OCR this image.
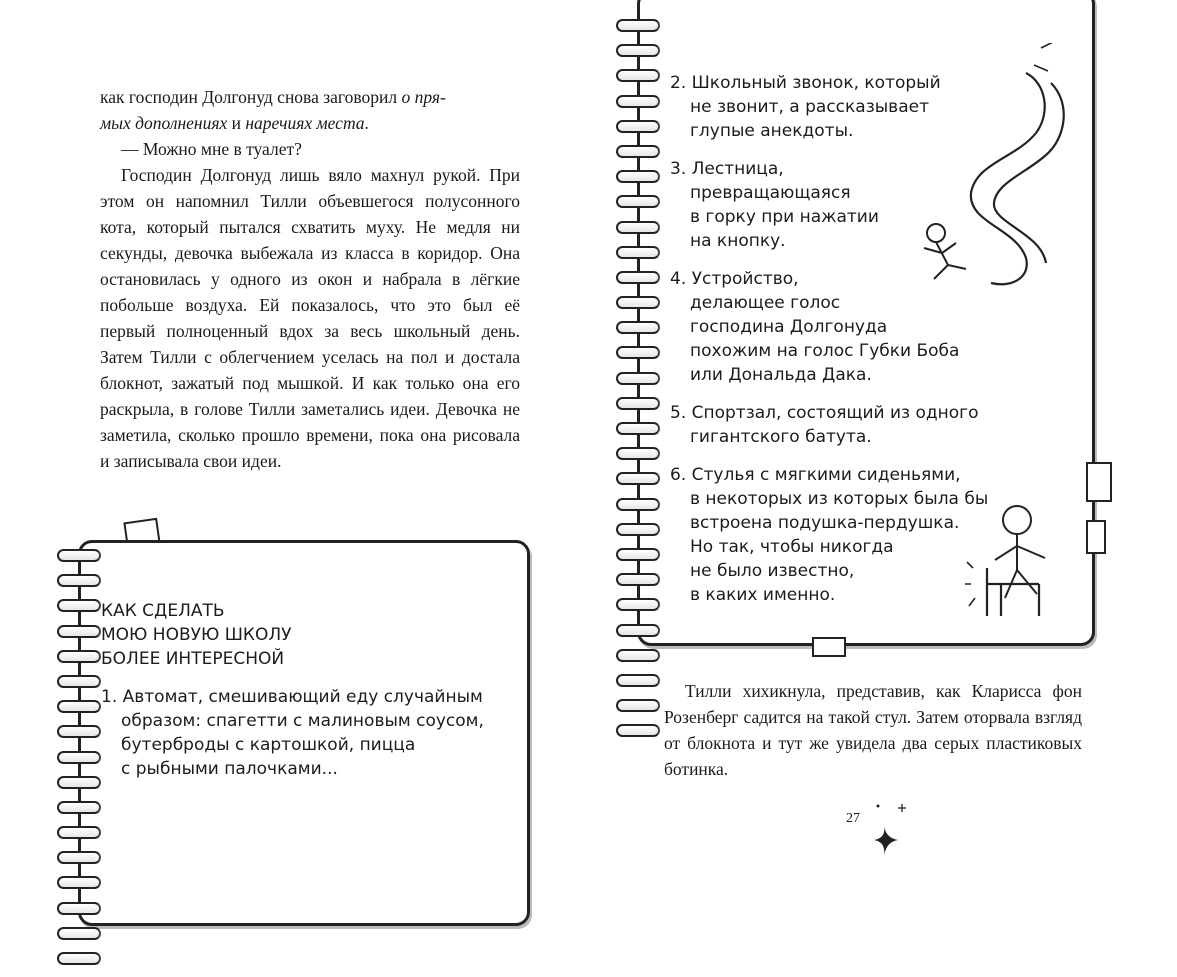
как господин Долгонуд снова заговорил о пря-
мых дополнениях и наречиях места.

— Можно мне в туалет?

Господин Долгонуд лишь вяло махнул рукой. При этом он напомнил Тилли объевшегося полусонного кота, который пытался схватить муху. Не медля ни секунды, девочка выбежала из класса в коридор. Она остановилась у одного из окон и набрала в лёгкие побольше воздуха. Ей показалось, что это был её первый полноценный вдох за весь школьный день. Затем Тилли с облегчением уселась на пол и достала блокнот, зажатый под мышкой. И как только она его раскрыла, в голове Тилли заметались идеи. Девочка не заметила, сколько прошло времени, пока она рисовала и записывала свои идеи.

КАК СДЕЛАТЬ
МОЮ НОВУЮ ШКОЛУ
БОЛЕЕ ИНТЕРЕСНОЙ
1. Автомат, смешивающий еду случайным
образом: спагетти с малиновым соусом,
бутерброды с картошкой, пицца
с рыбными палочками...
2. Школьный звонок, который
не звонит, а рассказывает
глупые анекдоты.
3. Лестница,
превращающаяся
в горку при нажатии
на кнопку.
4. Устройство,
делающее голос
господина Долгонуда
похожим на голос Губки Боба
или Дональда Дака.
5. Спортзал, состоящий из одного
гигантского батута.
6. Стулья с мягкими сиденьями,
в некоторых из которых была бы
встроена подушка-пердушка.
Но так, чтобы никогда
не было известно,
в каких именно.

Тилли хихикнула, представив, как Кларисса фон Розенберг садится на такой стул. Затем оторвала взгляд от блокнота и тут же увидела два серых пластиковых ботинка.

27
